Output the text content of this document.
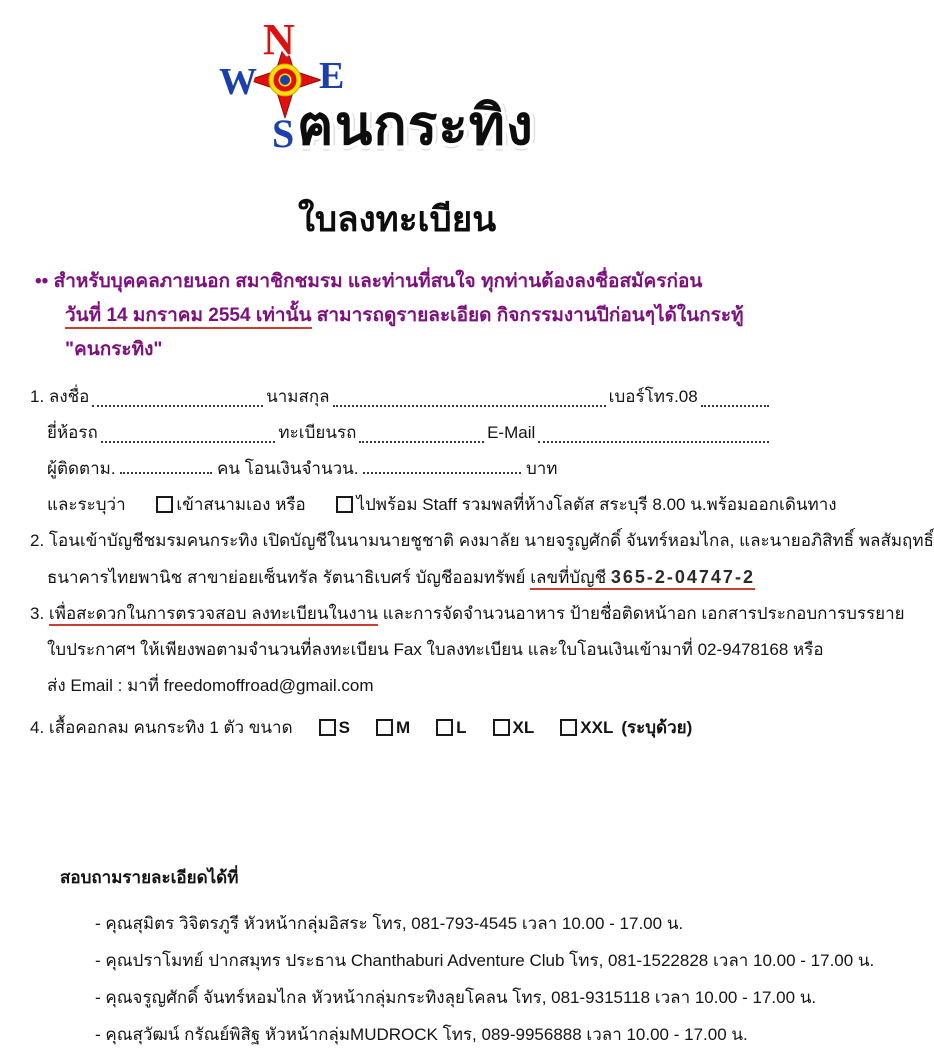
N
W E
S ฅนกระทิง
ใบลงทะเบียน
•• สำหรับบุคคลภายนอก สมาชิกชมรม และท่านที่สนใจ ทุกท่านต้องลงชื่อสมัครก่อน
วันที่ 14 มกราคม 2554 เท่านั้น สามารถดูรายละเอียด กิจกรรมงานปีก่อนๆได้ในกระทู้ "คนกระทิง"
1.
ลงชื่อ	นามสกุล	เบอร์โทร.08
ยี่ห้อรถ	ทะเบียนรถ	E-Mail
ผู้ติดตาม.	คน โอนเงินจำนวน.	บาท
และระบุว่า	เข้าสนามเอง หรือ	ไปพร้อม Staff รวมพลที่ห้างโลตัส สระบุรี 8.00 น.พร้อมออกเดินทาง
2. โอนเข้าบัญชีชมรมคนกระทิง เปิดบัญชีในนามนายชูชาติ คงมาลัย นายจรูญศักดิ์ จันทร์หอมไกล, และนายอภิสิทธิ์ พลสัมฤทธิ์
ธนาคารไทยพานิช สาขาย่อยเซ็นทรัล รัตนาธิเบศร์ บัญชีออมทรัพย์ เลขที่บัญชี 365-2-04747-2
3. เพื่อสะดวกในการตรวจสอบ ลงทะเบียนในงาน และการจัดจำนวนอาหาร ป้ายชื่อติดหน้าอก เอกสารประกอบการบรรยาย
ใบประกาศฯ ให้เพียงพอตามจำนวนที่ลงทะเบียน Fax ใบลงทะเบียน และใบโอนเงินเข้ามาที่ 02-9478168 หรือ
ส่ง Email : มาที่ freedomoffroad@gmail.com
4.
เสื้อคอกลม คนกระทิง 1 ตัว ขนาด	S	M	L	XL	XXL (ระบุด้วย)
สอบถามรายละเอียดได้ที่
- คุณสุมิตร วิจิตรภูรี หัวหน้ากลุ่มอิสระ โทร, 081-793-4545 เวลา 10.00 - 17.00 น.
- คุณปราโมทย์ ปากสมุทร ประธาน Chanthaburi Adventure Club โทร, 081-1522828 เวลา 10.00 - 17.00 น.
- คุณจรูญศักดิ์ จันทร์หอมไกล หัวหน้ากลุ่มกระทิงลุยโคลน โทร, 081-9315118 เวลา 10.00 - 17.00 น.
- คุณสุวัฒน์ กรัณย์พิสิฐ หัวหน้ากลุ่มMUDROCK โทร, 089-9956888 เวลา 10.00 - 17.00 น.
